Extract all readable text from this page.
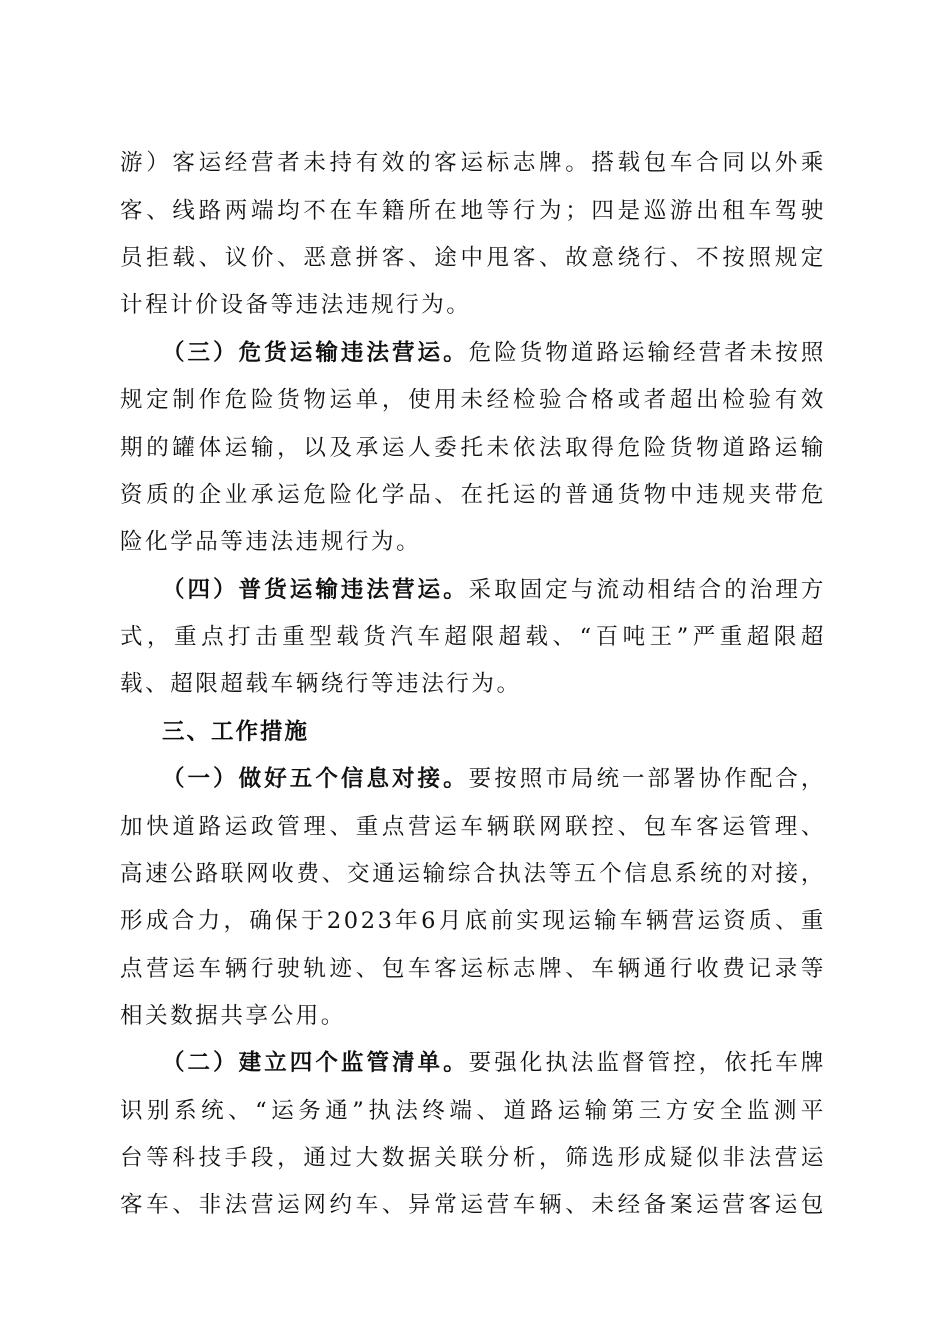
游）客运经营者未持有效的客运标志牌。搭载包车合同以外乘
客、线路两端均不在车籍所在地等行为；四是巡游出租车驾驶
员拒载、议价、恶意拼客、途中甩客、故意绕行、不按照规定
计程计价设备等违法违规行为。
（三）危货运输违法营运。危险货物道路运输经营者未按照
规定制作危险货物运单，使用未经检验合格或者超出检验有效
期的罐体运输，以及承运人委托未依法取得危险货物道路运输
资质的企业承运危险化学品、在托运的普通货物中违规夹带危
险化学品等违法违规行为。
（四）普货运输违法营运。采取固定与流动相结合的治理方
式，重点打击重型载货汽车超限超载、“百吨王”严重超限超
载、超限超载车辆绕行等违法行为。
三、工作措施
（一）做好五个信息对接。要按照市局统一部署协作配合，
加快道路运政管理、重点营运车辆联网联控、包车客运管理、
高速公路联网收费、交通运输综合执法等五个信息系统的对接，
形成合力，确保于2023年6月底前实现运输车辆营运资质、重
点营运车辆行驶轨迹、包车客运标志牌、车辆通行收费记录等
相关数据共享公用。
（二）建立四个监管清单。要强化执法监督管控，依托车牌
识别系统、“运务通”执法终端、道路运输第三方安全监测平
台等科技手段，通过大数据关联分析，筛选形成疑似非法营运
客车、非法营运网约车、异常运营车辆、未经备案运营客运包
